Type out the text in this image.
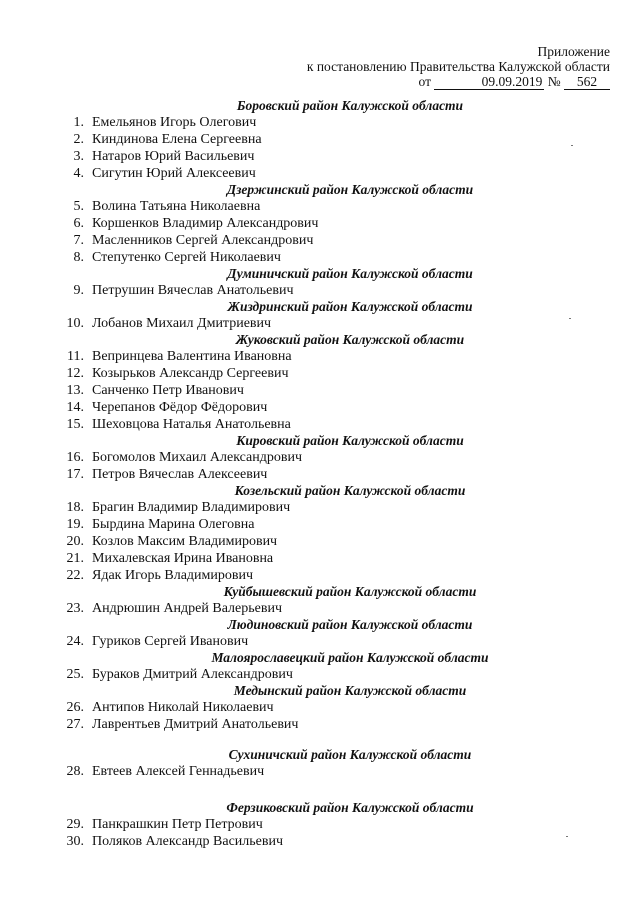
Приложение
к постановлению Правительства Калужской области
от	09.09.2019 № 562
Боровский район Калужской области
1. Емельянов Игорь Олегович
2. Киндинова Елена Сергеевна
3. Натаров Юрий Васильевич
4. Сигутин Юрий Алексеевич
Дзержинский район Калужской области
5. Волина Татьяна Николаевна
6. Коршенков Владимир Александрович
7. Масленников Сергей Александрович
8. Степутенко Сергей Николаевич
Думиничский район Калужской области
9. Петрушин Вячеслав Анатольевич
Жиздринский район Калужской области
10. Лобанов Михаил Дмитриевич
Жуковский район Калужской области
11. Вепринцева Валентина Ивановна
12. Козырьков Александр Сергеевич
13. Санченко Петр Иванович
14. Черепанов Фёдор Фёдорович
15. Шеховцова Наталья Анатольевна
Кировский район Калужской области
16. Богомолов Михаил Александрович
17. Петров Вячеслав Алексеевич
Козельский район Калужской области
18. Брагин Владимир Владимирович
19. Бырдина Марина Олеговна
20. Козлов Максим Владимирович
21. Михалевская Ирина Ивановна
22. Ядак Игорь Владимирович
Куйбышевский район Калужской области
23. Андрюшин Андрей Валерьевич
Людиновский район Калужской области
24. Гуриков Сергей Иванович
Малоярославецкий район Калужской области
25. Бураков Дмитрий Александрович
Медынский район Калужской области
26. Антипов Николай Николаевич
27. Лаврентьев Дмитрий Анатольевич
Сухиничский район Калужской области
28. Евтеев Алексей Геннадьевич
Ферзиковский район Калужской области
29. Панкрашкин Петр Петрович
30. Поляков Александр Васильевич
